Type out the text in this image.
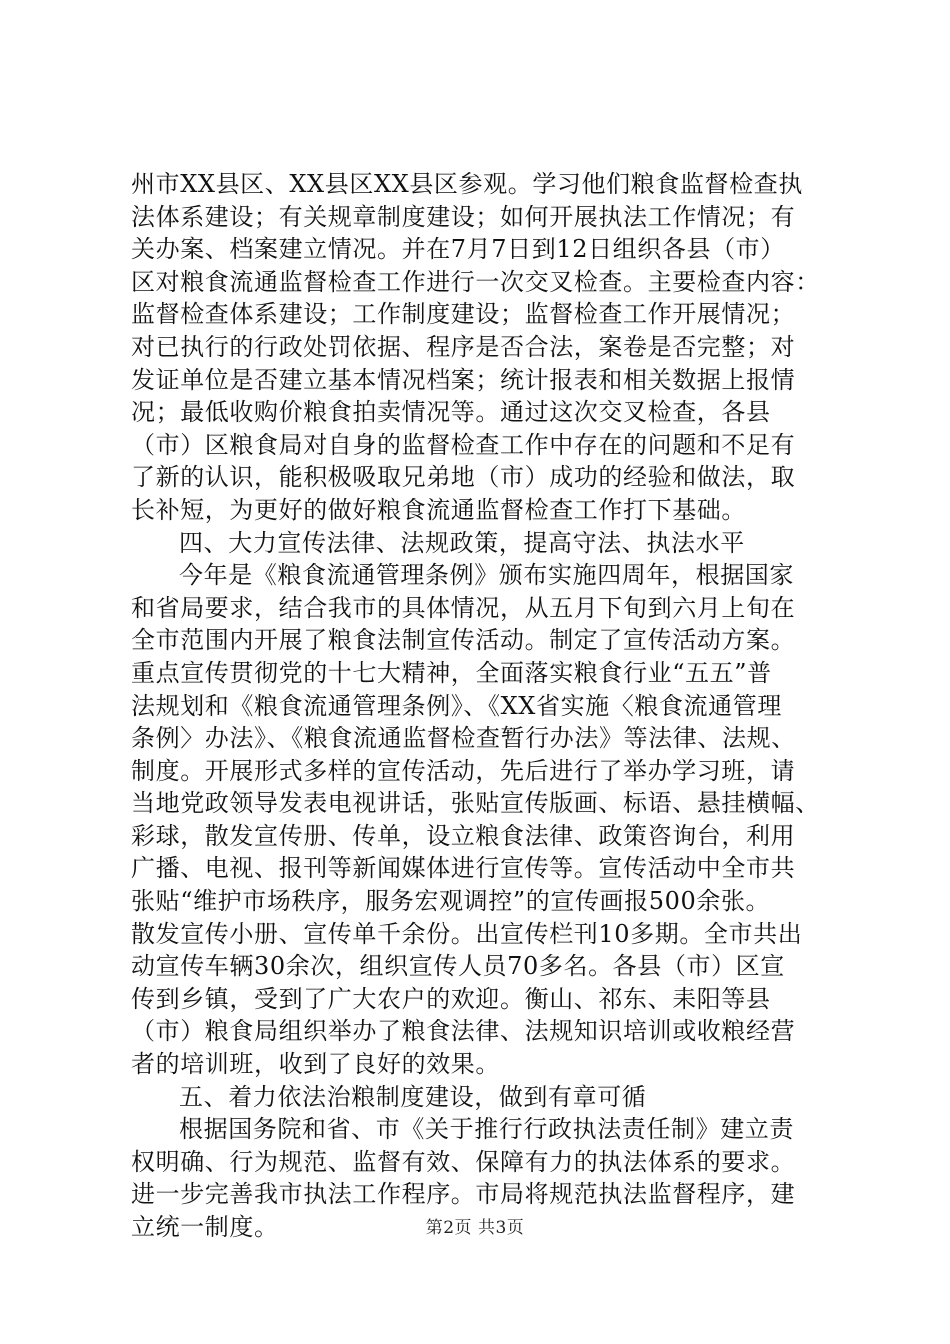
州市XX县区、XX县区XX县区参观。学习他们粮食监督检查执
法体系建设；有关规章制度建设；如何开展执法工作情况；有
关办案、档案建立情况。并在7月7日到12日组织各县（市）
区对粮食流通监督检查工作进行一次交叉检查。主要检查内容：
监督检查体系建设；工作制度建设；监督检查工作开展情况；
对已执行的行政处罚依据、程序是否合法，案卷是否完整；对
发证单位是否建立基本情况档案；统计报表和相关数据上报情
况；最低收购价粮食拍卖情况等。通过这次交叉检查，各县
（市）区粮食局对自身的监督检查工作中存在的问题和不足有
了新的认识，能积极吸取兄弟地（市）成功的经验和做法，取
长补短，为更好的做好粮食流通监督检查工作打下基础。
四、大力宣传法律、法规政策，提高守法、执法水平
今年是《粮食流通管理条例》颁布实施四周年，根据国家
和省局要求，结合我市的具体情况，从五月下旬到六月上旬在
全市范围内开展了粮食法制宣传活动。制定了宣传活动方案。
重点宣传贯彻党的十七大精神，全面落实粮食行业“五五”普
法规划和《粮食流通管理条例》、《XX省实施〈粮食流通管理
条例〉办法》、《粮食流通监督检查暂行办法》等法律、法规、
制度。开展形式多样的宣传活动，先后进行了举办学习班，请
当地党政领导发表电视讲话，张贴宣传版画、标语、悬挂横幅、
彩球，散发宣传册、传单，设立粮食法律、政策咨询台，利用
广播、电视、报刊等新闻媒体进行宣传等。宣传活动中全市共
张贴“维护市场秩序，服务宏观调控”的宣传画报500余张。
散发宣传小册、宣传单千余份。出宣传栏刊10多期。全市共出
动宣传车辆30余次，组织宣传人员70多名。各县（市）区宣
传到乡镇，受到了广大农户的欢迎。衡山、祁东、耒阳等县
（市）粮食局组织举办了粮食法律、法规知识培训或收粮经营
者的培训班，收到了良好的效果。
五、着力依法治粮制度建设，做到有章可循
根据国务院和省、市《关于推行行政执法责任制》建立责
权明确、行为规范、监督有效、保障有力的执法体系的要求。
进一步完善我市执法工作程序。市局将规范执法监督程序，建
立统一制度。	第2页 共3页
